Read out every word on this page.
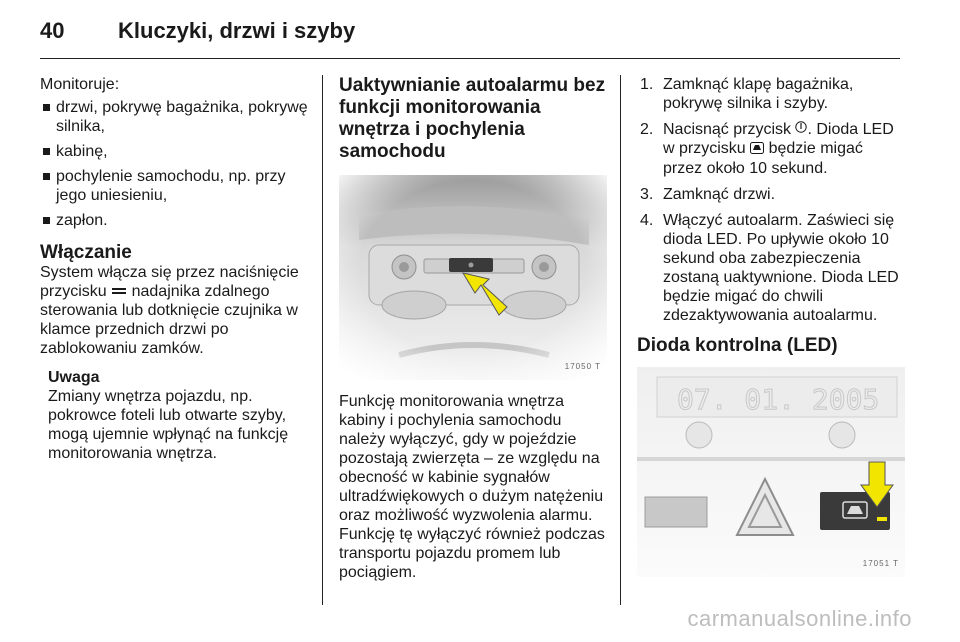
40 Kluczyki, drzwi i szyby

Monitoruje:

drzwi, pokrywę bagażnika, pokrywę silnika,
kabinę,
pochylenie samochodu, np. przy jego uniesieniu,
zapłon.
Włączanie

System włącza się przez naciśnięcie przycisku nadajnika zdalnego sterowania lub dotknięcie czujnika w klamce przednich drzwi po zablokowaniu zamków.

Uwaga

Zmiany wnętrza pojazdu, np. pokrowce foteli lub otwarte szyby, mogą ujemnie wpłynąć na funkcję monitorowania wnętrza.

Uaktywnianie autoalarmu bez funkcji monitorowania wnętrza i pochylenia samochodu
17050 T

Funkcję monitorowania wnętrza kabiny i pochylenia samochodu należy wyłączyć, gdy w pojeździe pozostają zwierzęta – ze względu na obecność w kabinie sygnałów ultradźwiękowych o dużym natężeniu oraz możliwość wyzwolenia alarmu. Funkcję tę wyłączyć również podczas transportu pojazdu promem lub pociągiem.

1. Zamknąć klapę bagażnika, pokrywę silnika i szyby.
2. Nacisnąć przycisk . Dioda LED w przycisku będzie migać przez około 10 sekund.
3. Zamknąć drzwi.
4. Włączyć autoalarm. Zaświeci się dioda LED. Po upływie około 10 sekund oba zabezpieczenia zostaną uaktywnione. Dioda LED będzie migać do chwili zdezaktywowania autoalarmu.
Dioda kontrolna (LED)
07. 01. 2005
17051 T
carmanualsonline.info
